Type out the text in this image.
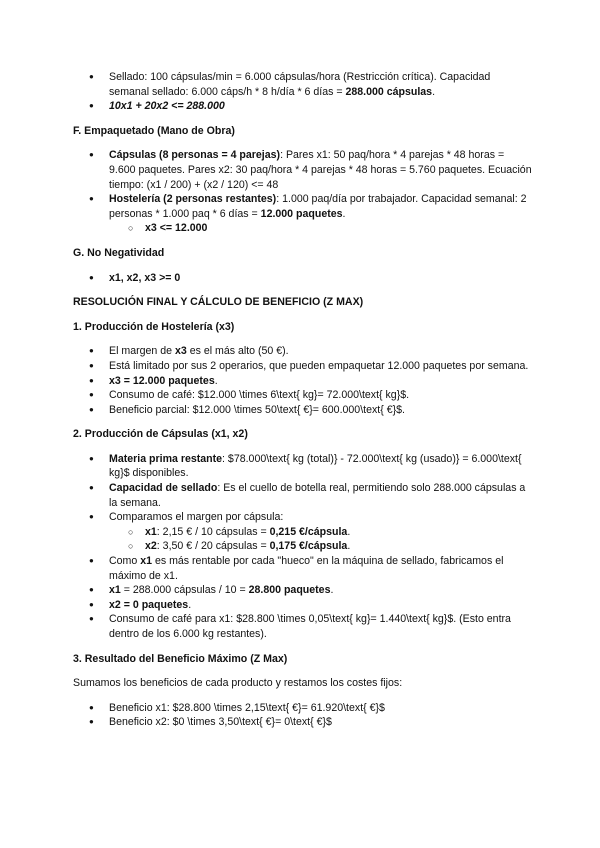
● Sellado: 100 cápsulas/min = 6.000 cápsulas/hora (Restricción crítica). Capacidad semanal sellado: 6.000 cáps/h * 8 h/día * 6 días = 288.000 cápsulas.
● 10x1 + 20x2 <= 288.000

F. Empaquetado (Mano de Obra)

● Cápsulas (8 personas = 4 parejas): Pares x1: 50 paq/hora * 4 parejas * 48 horas = 9.600 paquetes. Pares x2: 30 paq/hora * 4 parejas * 48 horas = 5.760 paquetes. Ecuación tiempo: (x1 / 200) + (x2 / 120) <= 48
● Hostelería (2 personas restantes): 1.000 paq/día por trabajador. Capacidad semanal: 2 personas * 1.000 paq * 6 días = 12.000 paquetes.
○ x3 <= 12.000

G. No Negatividad

● x1, x2, x3 >= 0

RESOLUCIÓN FINAL Y CÁLCULO DE BENEFICIO (Z MAX)

1. Producción de Hostelería (x3)

● El margen de x3 es el más alto (50 €).
● Está limitado por sus 2 operarios, que pueden empaquetar 12.000 paquetes por semana.
● x3 = 12.000 paquetes.
● Consumo de café: $12.000 \times 6\text{ kg}= 72.000\text{ kg}$.
● Beneficio parcial: $12.000 \times 50\text{ €}= 600.000\text{ €}$.

2. Producción de Cápsulas (x1, x2)

● Materia prima restante: $78.000\text{ kg (total)} - 72.000\text{ kg (usado)} = 6.000\text{ kg}$ disponibles.
● Capacidad de sellado: Es el cuello de botella real, permitiendo solo 288.000 cápsulas a la semana.
● Comparamos el margen por cápsula:
○ x1: 2,15 € / 10 cápsulas = 0,215 €/cápsula.
○ x2: 3,50 € / 20 cápsulas = 0,175 €/cápsula.
● Como x1 es más rentable por cada "hueco" en la máquina de sellado, fabricamos el máximo de x1.
● x1 = 288.000 cápsulas / 10 = 28.800 paquetes.
● x2 = 0 paquetes.
● Consumo de café para x1: $28.800 \times 0,05\text{ kg}= 1.440\text{ kg}$. (Esto entra dentro de los 6.000 kg restantes).

3. Resultado del Beneficio Máximo (Z Max)

Sumamos los beneficios de cada producto y restamos los costes fijos:

● Beneficio x1: $28.800 \times 2,15\text{ €}= 61.920\text{ €}$
● Beneficio x2: $0 \times 3,50\text{ €}= 0\text{ €}$
